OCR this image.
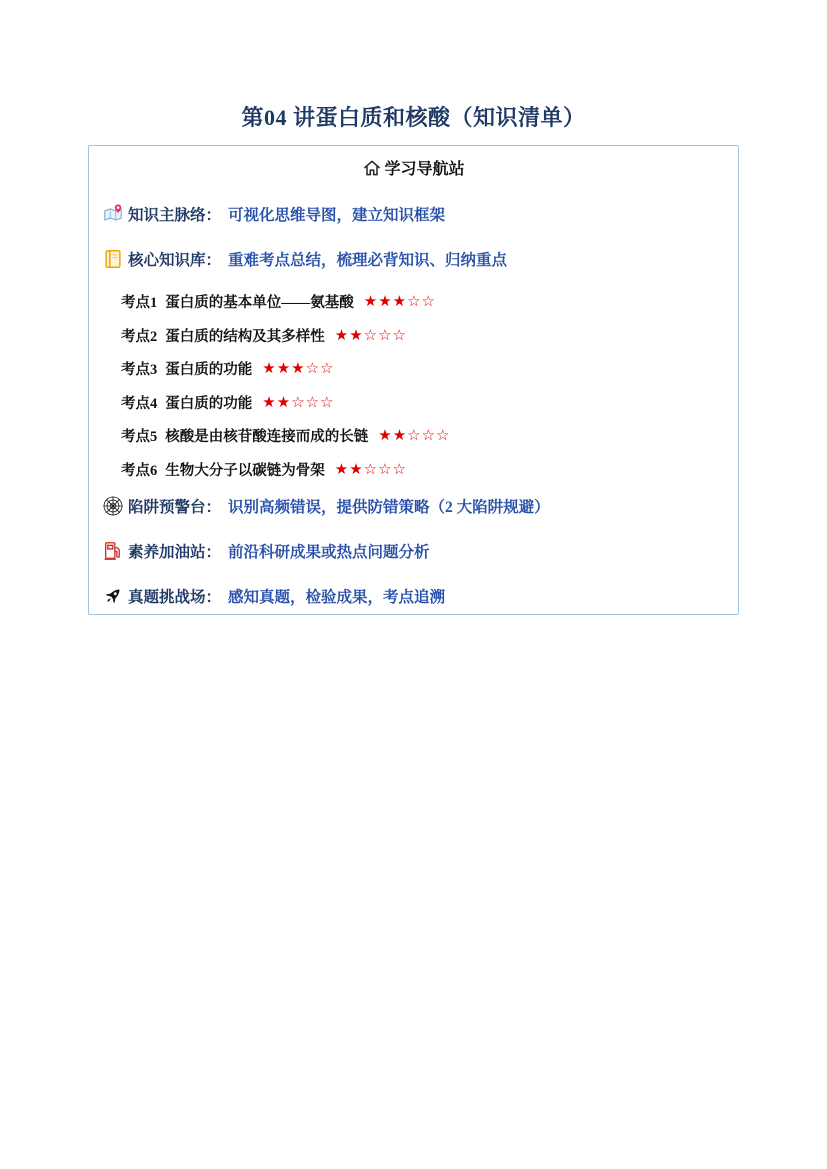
第04 讲蛋白质和核酸（知识清单）
学习导航站
知识主脉络： 可视化思维导图，建立知识框架
核心知识库： 重难考点总结，梳理必背知识、归纳重点
考点1 蛋白质的基本单位——氨基酸 ★★★☆☆
考点2 蛋白质的结构及其多样性 ★★☆☆☆
考点3 蛋白质的功能 ★★★☆☆
考点4 蛋白质的功能 ★★☆☆☆
考点5 核酸是由核苷酸连接而成的长链 ★★☆☆☆
考点6 生物大分子以碳链为骨架 ★★☆☆☆
陷阱预警台： 识别高频错误，提供防错策略（2 大陷阱规避）
素养加油站： 前沿科研成果或热点问题分析
真题挑战场： 感知真题，检验成果，考点追溯
